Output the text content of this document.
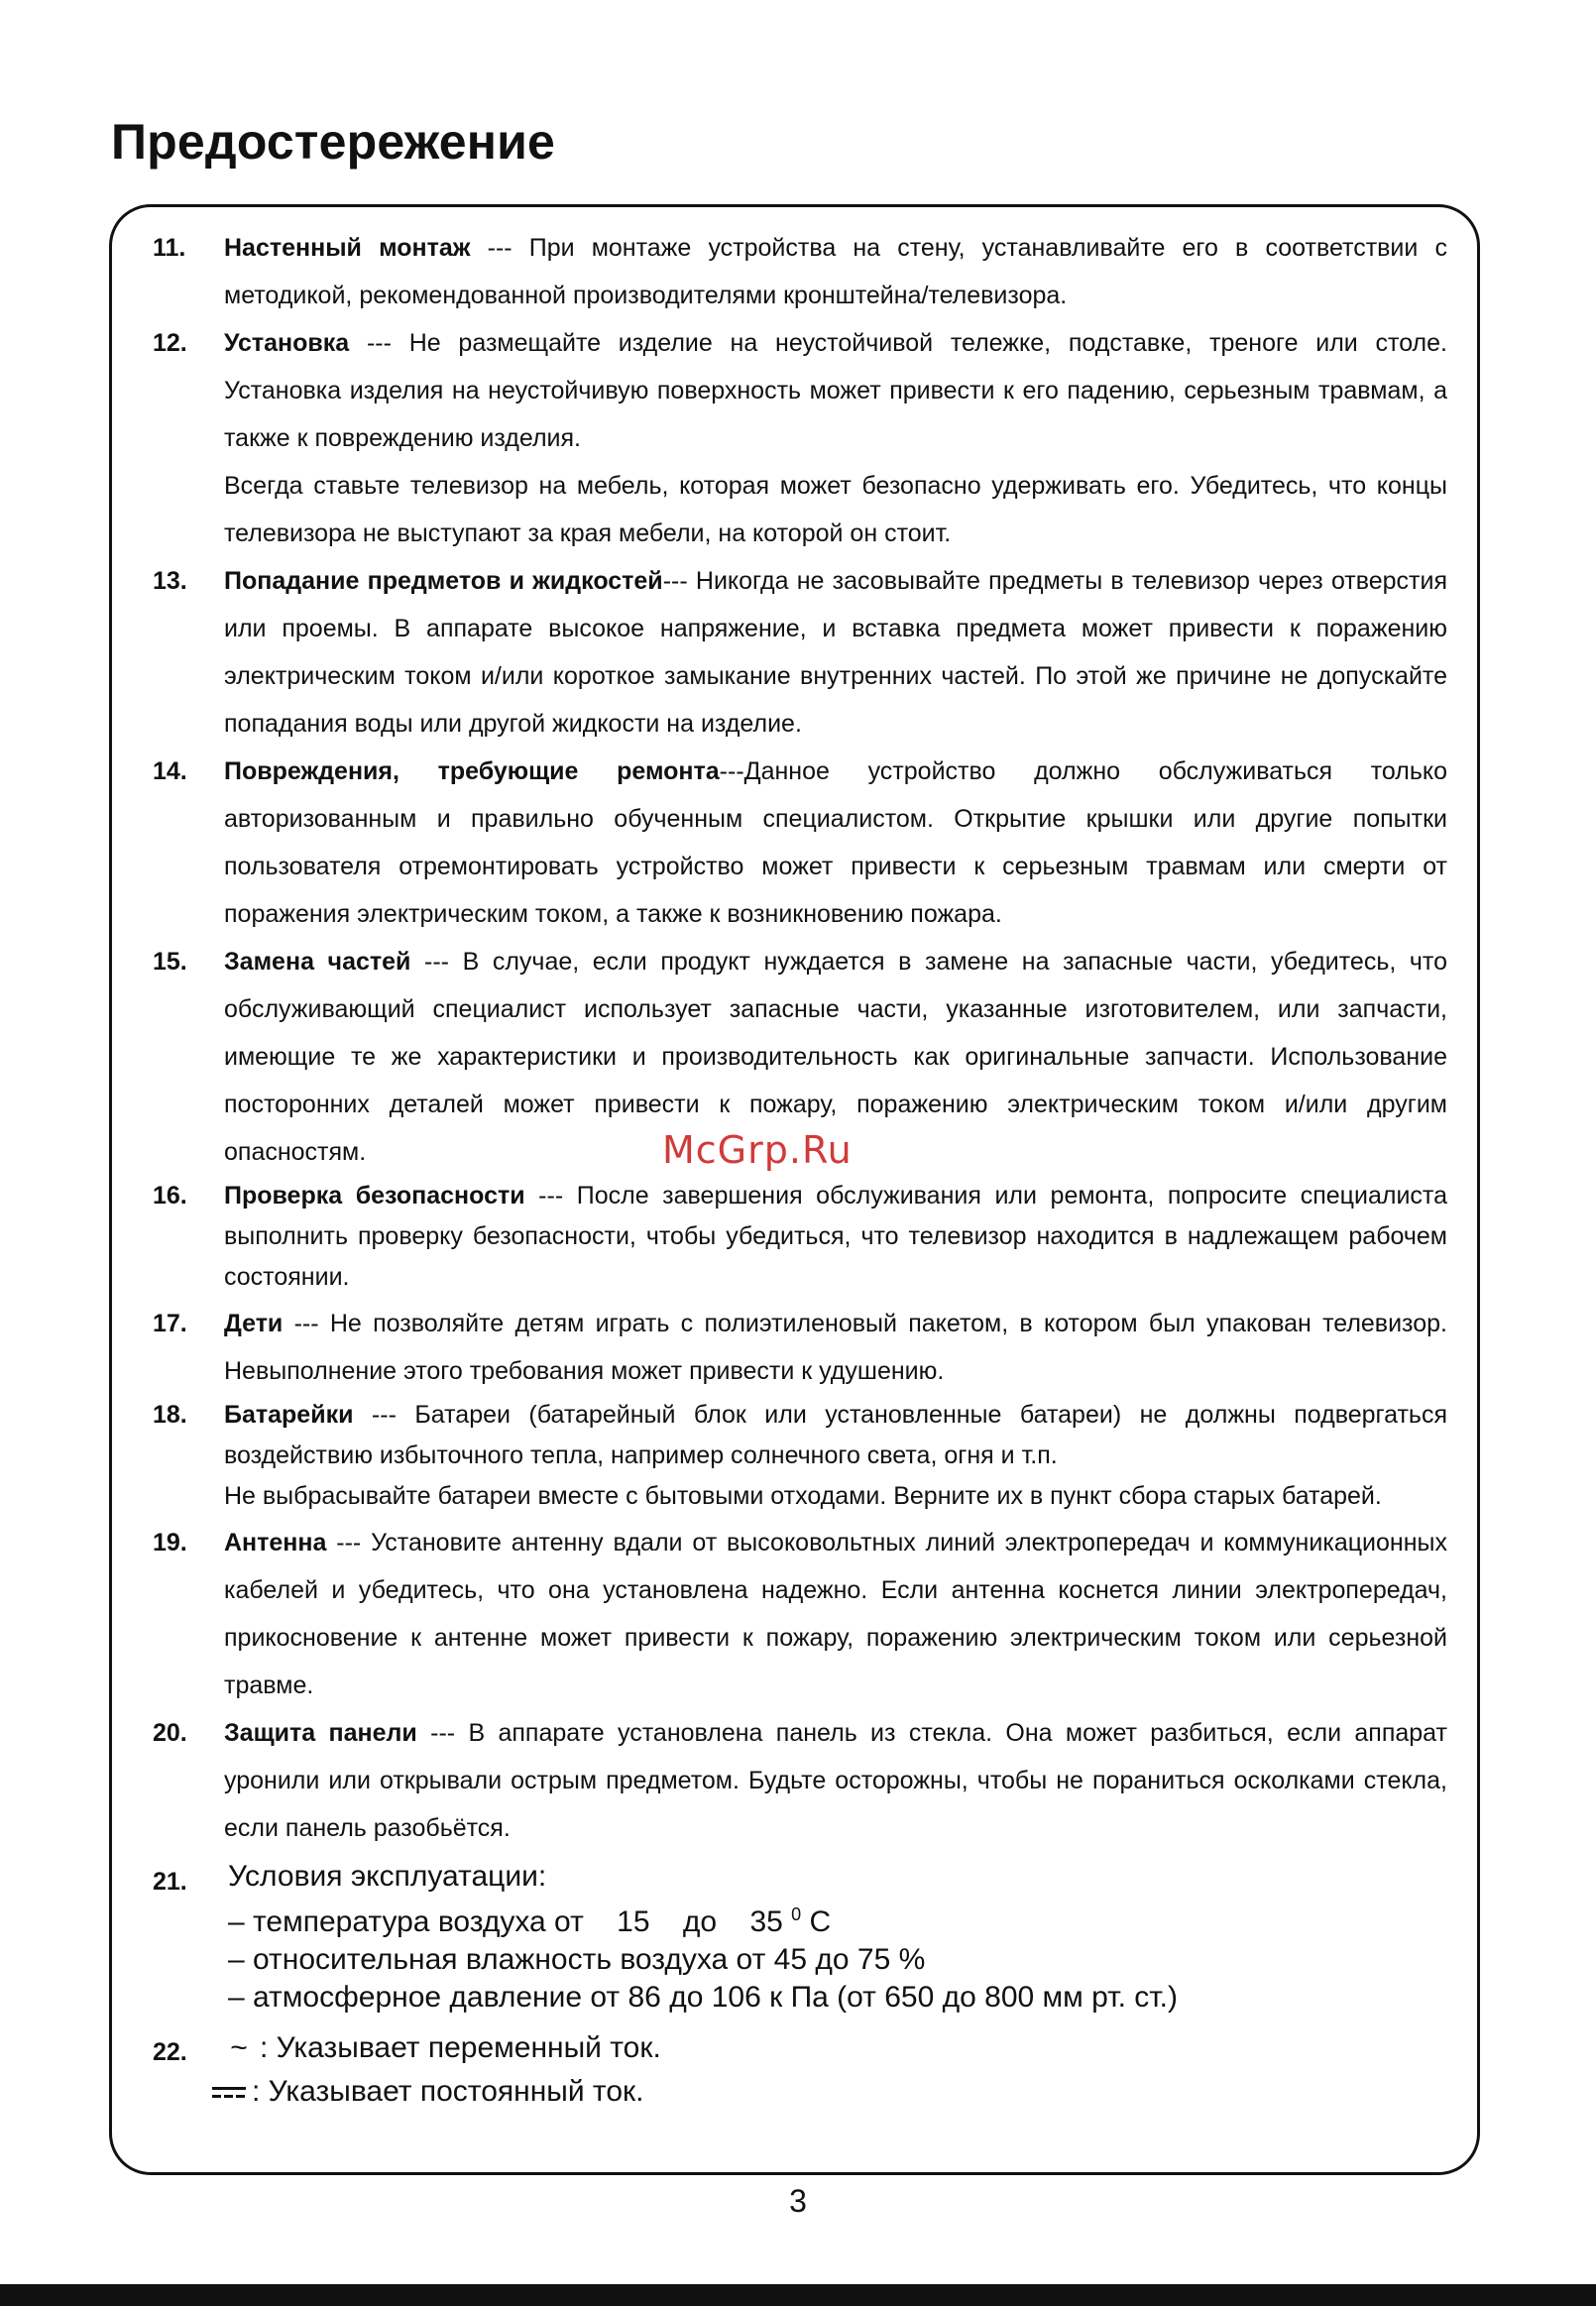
Предостережение
11. Настенный монтаж --- При монтаже устройства на стену, устанавливайте его в соответствии с методикой, рекомендованной производителями кронштейна/телевизора.

12. Установка --- Не размещайте изделие на неустойчивой тележке, подставке, треноге или столе. Установка изделия на неустойчивую поверхность может привести к его падению, серьезным травмам, а также к повреждению изделия.

Всегда ставьте телевизор на мебель, которая может безопасно удерживать его. Убедитесь, что концы телевизора не выступают за края мебели, на которой он стоит.

13. Попадание предметов и жидкостей--- Никогда не засовывайте предметы в телевизор через отверстия или проемы. В аппарате высокое напряжение, и вставка предмета может привести к поражению электрическим током и/или короткое замыкание внутренних частей. По этой же причине не допускайте попадания воды или другой жидкости на изделие.

14. Повреждения, требующие ремонта---Данное устройство должно обслуживаться только авторизованным и правильно обученным специалистом. Открытие крышки или другие попытки пользователя отремонтировать устройство может привести к серьезным травмам или смерти от поражения электрическим током, а также к возникновению пожара.

15. Замена частей --- В случае, если продукт нуждается в замене на запасные части, убедитесь, что обслуживающий специалист использует запасные части, указанные изготовителем, или запчасти, имеющие те же характеристики и производительность как оригинальные запчасти. Использование посторонних деталей может привести к пожару, поражению электрическим током и/или другим опасностям.

16. Проверка безопасности --- После завершения обслуживания или ремонта, попросите специалиста выполнить проверку безопасности, чтобы убедиться, что телевизор находится в надлежащем рабочем состоянии.

17. Дети --- Не позволяйте детям играть с полиэтиленовый пакетом, в котором был упакован телевизор. Невыполнение этого требования может привести к удушению.

18. Батарейки --- Батареи (батарейный блок или установленные батареи) не должны подвергаться воздействию избыточного тепла, например солнечного света, огня и т.п.

Не выбрасывайте батареи вместе с бытовыми отходами. Верните их в пункт сбора старых батарей.

19. Антенна --- Установите антенну вдали от высоковольтных линий электропередач и коммуникационных кабелей и убедитесь, что она установлена надежно. Если антенна коснется линии электропередач, прикосновение к антенне может привести к пожару, поражению электрическим током или серьезной травме.

20. Защита панели --- В аппарате установлена панель из стекла. Она может разбиться, если аппарат уронили или открывали острым предметом. Будьте осторожны, чтобы не пораниться осколками стекла, если панель разобьётся.

21. Условия эксплуатации:

– температура воздуха от 15 до 35 $^0$ С

– относительная влажность воздуха от 45 до 75 %

– атмосферное давление от 86 до 106 к Па (от 650 до 800 мм рт. ст.)

22.	~ : Указывает переменный ток.

: Указывает постоянный ток.

McGrp.Ru
3
